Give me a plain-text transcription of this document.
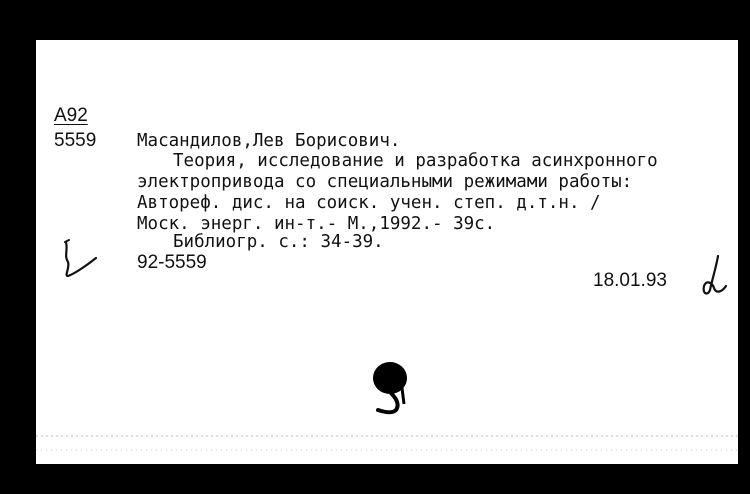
А92
5559 Масандилов,Лев Борисович.
Теория, исследование и разработка асинхронного
электропривода со специальными режимами работы:
Автореф. дис. на соиск. учен. степ. д.т.н. /
Моск. энерг. ин-т.- М.,1992.- 39с.
Библиогр. с.: 34-39.
92-5559
18.01.93
